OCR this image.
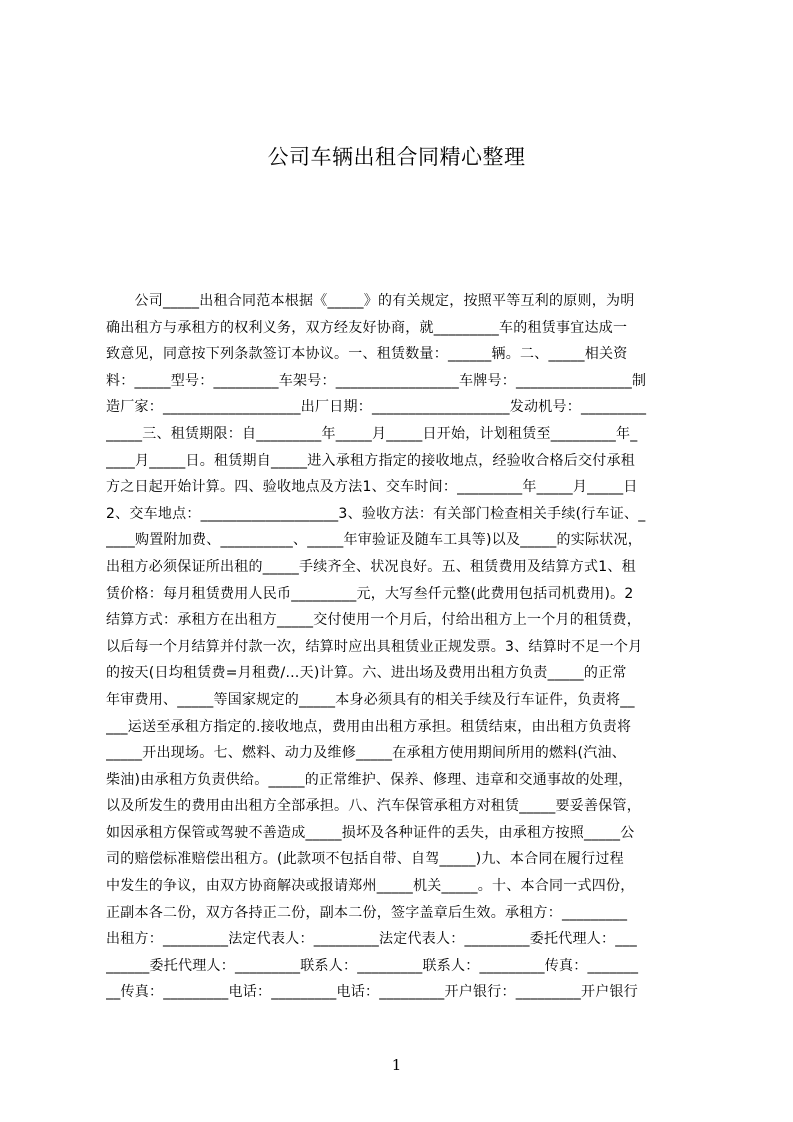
公司车辆出租合同精心整理
　　公司_____出租合同范本根据《_____》的有关规定，按照平等互利的原则，为明
确出租方与承租方的权利义务，双方经友好协商，就_________车的租赁事宜达成一
致意见，同意按下列条款签订本协议。一、租赁数量：______辆。二、_____相关资
料：_____型号：_________车架号：_________________车牌号：________________制
造厂家：___________________出厂日期：___________________发动机号：_________
_____三、租赁期限：自_________年_____月_____日开始，计划租赁至_________年_
____月_____日。租赁期自_____进入承租方指定的接收地点，经验收合格后交付承租
方之日起开始计算。四、验收地点及方法1、交车时间：_________年_____月_____日
2、交车地点：___________________3、验收方法：有关部门检查相关手续(行车证、_
____购置附加费、__________、_____年审验证及随车工具等)以及_____的实际状况，
出租方必须保证所出租的_____手续齐全、状况良好。五、租赁费用及结算方式1、租
赁价格：每月租赁费用人民币_________元，大写叁仟元整(此费用包括司机费用)。2
结算方式：承租方在出租方_____交付使用一个月后，付给出租方上一个月的租赁费，
以后每一个月结算并付款一次，结算时应出具租赁业正规发票。3、结算时不足一个月
的按天(日均租赁费=月租费/…天)计算。六、进出场及费用出租方负责_____的正常
年审费用、_____等国家规定的_____本身必须具有的相关手续及行车证件，负责将__
___运送至承租方指定的.接收地点，费用由出租方承担。租赁结束，由出租方负责将
_____开出现场。七、燃料、动力及维修_____在承租方使用期间所用的燃料(汽油、
柴油)由承租方负责供给。_____的正常维护、保养、修理、违章和交通事故的处理，
以及所发生的费用由出租方全部承担。八、汽车保管承租方对租赁_____要妥善保管，
如因承租方保管或驾驶不善造成_____损坏及各种证件的丢失，由承租方按照_____公
司的赔偿标准赔偿出租方。(此款项不包括自带、自驾_____)九、本合同在履行过程
中发生的争议，由双方协商解决或报请郑州_____机关_____。十、本合同一式四份，
正副本各二份，双方各持正二份，副本二份，签字盖章后生效。承租方：_________
出租方：_________法定代表人：_________法定代表人：_________委托代理人：___
______委托代理人：_________联系人：_________联系人：_________传真：_______
__传真：_________电话：_________电话：_________开户银行：_________开户银行
1
